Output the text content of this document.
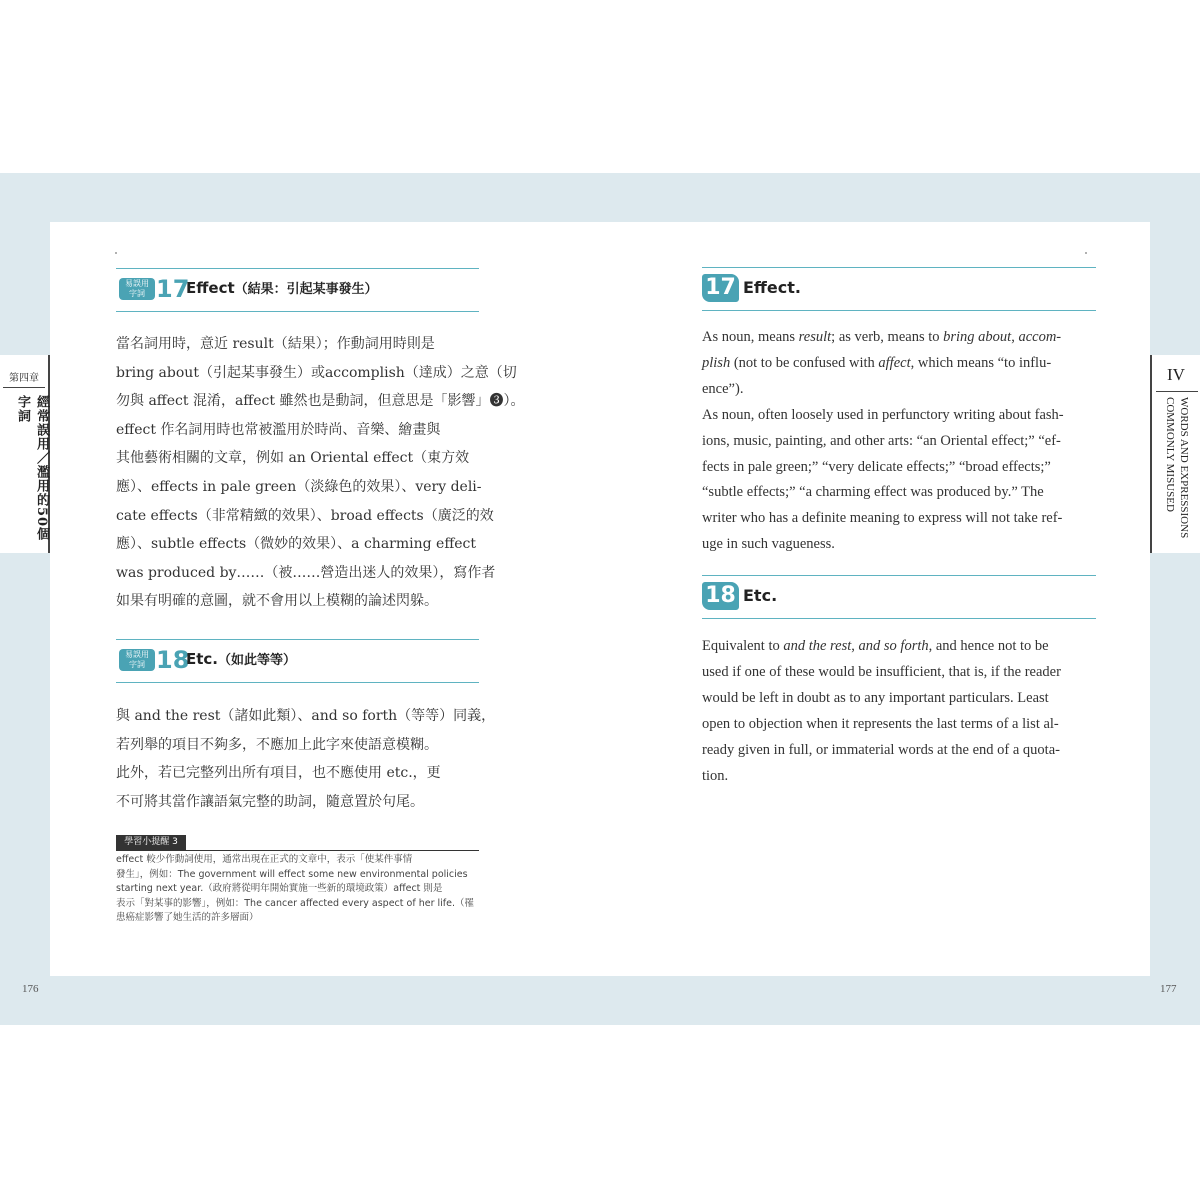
第四章
經常誤用／濫用的50個字詞
IV
WORDS AND EXPRESSIONS
COMMONLY MISUSED
易誤用
字詞 17
Effect（結果：引起某事發生）
當名詞用時，意近 result（結果）；作動詞用時則是
bring about（引起某事發生）或accomplish（達成）之意（切
勿與 affect 混淆，affect 雖然也是動詞，但意思是「影響」❸）。
effect 作名詞用時也常被濫用於時尚、音樂、繪畫與
其他藝術相關的文章，例如 an Oriental effect（東方效
應）、effects in pale green（淡綠色的效果）、very deli-
cate effects（非常精緻的效果）、broad effects（廣泛的效
應）、subtle effects（微妙的效果）、a charming effect
was produced by……（被……營造出迷人的效果），寫作者
如果有明確的意圖，就不會用以上模糊的論述閃躲。
易誤用
字詞 18
Etc.（如此等等）
與 and the rest（諸如此類）、and so forth（等等）同義，
若列舉的項目不夠多，不應加上此字來使語意模糊。
此外，若已完整列出所有項目，也不應使用 etc.，更
不可將其當作讓語氣完整的助詞，隨意置於句尾。
學習小提醒 3
effect 較少作動詞使用，通常出現在正式的文章中，表示「使某件事情
發生」，例如：The government will effect some new environmental policies
starting next year.（政府將從明年開始實施一些新的環境政策）affect 則是
表示「對某事的影響」，例如：The cancer affected every aspect of her life.（罹
患癌症影響了她生活的許多層面）
176
17 Effect.
As noun, means result; as verb, means to bring about, accom-
plish (not to be confused with affect, which means “to influ-
ence”).
As noun, often loosely used in perfunctory writing about fash-
ions, music, painting, and other arts: “an Oriental effect;” “ef-
fects in pale green;” “very delicate effects;” “broad effects;”
“subtle effects;” “a charming effect was produced by.” The
writer who has a definite meaning to express will not take ref-
uge in such vagueness.
18 Etc.
Equivalent to and the rest, and so forth, and hence not to be
used if one of these would be insufficient, that is, if the reader
would be left in doubt as to any important particulars. Least
open to objection when it represents the last terms of a list al-
ready given in full, or immaterial words at the end of a quota-
tion.
177
